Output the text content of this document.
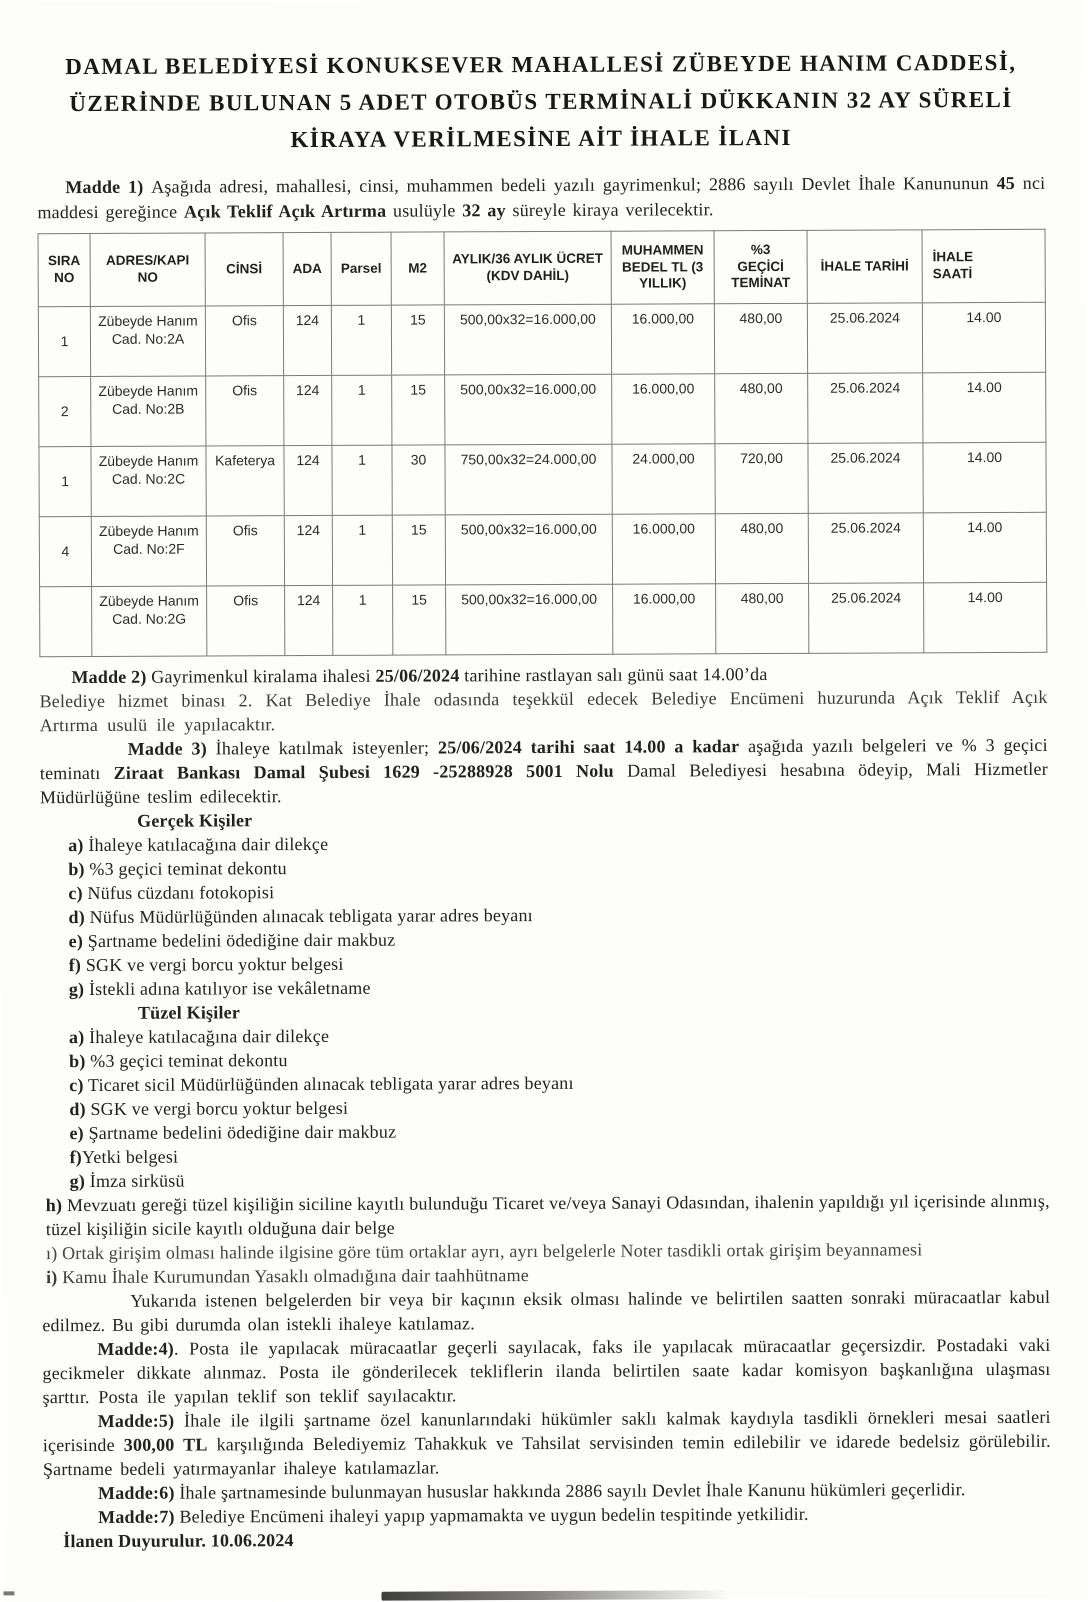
DAMAL BELEDİYESİ KONUKSEVER MAHALLESİ ZÜBEYDE HANIM CADDESİ,
ÜZERİNDE BULUNAN 5 ADET OTOBÜS TERMİNALİ DÜKKANIN 32 AY SÜRELİ
KİRAYA VERİLMESİNE AİT İHALE İLANI
Madde 1) Aşağıda adresi, mahallesi, cinsi, muhammen bedeli yazılı gayrimenkul; 2886 sayılı Devlet İhale Kanununun 45 nci maddesi gereğince Açık Teklif Açık Artırma usulüyle 32 ay süreyle kiraya verilecektir.
SIRA NO	ADRES/KAPI NO	CİNSİ	ADA	Parsel	M2	AYLIK/36 AYLIK ÜCRET (KDV DAHİL)	MUHAMMEN BEDEL TL (3 YILLIK)	%3 GEÇİCİ TEMİNAT	İHALE TARİHİ	İHALE SAATİ
1	Zübeyde Hanım Cad. No:2A	Ofis	124	1	15	500,00x32=16.000,00	16.000,00	480,00	25.06.2024	14.00
2	Zübeyde Hanım Cad. No:2B	Ofis	124	1	15	500,00x32=16.000,00	16.000,00	480,00	25.06.2024	14.00
1	Zübeyde Hanım Cad. No:2C	Kafeterya	124	1	30	750,00x32=24.000,00	24.000,00	720,00	25.06.2024	14.00
4	Zübeyde Hanım Cad. No:2F	Ofis	124	1	15	500,00x32=16.000,00	16.000,00	480,00	25.06.2024	14.00
	Zübeyde Hanım Cad. No:2G	Ofis	124	1	15	500,00x32=16.000,00	16.000,00	480,00	25.06.2024	14.00
Madde 2) Gayrimenkul kiralama ihalesi 25/06/2024 tarihine rastlayan salı günü saat 14.00’da
Belediye hizmet binası 2. Kat Belediye İhale odasında teşekkül edecek Belediye Encümeni huzurunda Açık Teklif Açık Artırma usulü ile yapılacaktır.
Madde 3) İhaleye katılmak isteyenler; 25/06/2024 tarihi saat 14.00 a kadar aşağıda yazılı belgeleri ve % 3 geçici teminatı Ziraat Bankası Damal Şubesi 1629 -25288928 5001 Nolu Damal Belediyesi hesabına ödeyip, Mali Hizmetler Müdürlüğüne teslim edilecektir.
Gerçek Kişiler
a) İhaleye katılacağına dair dilekçe
b) %3 geçici teminat dekontu
c) Nüfus cüzdanı fotokopisi
d) Nüfus Müdürlüğünden alınacak tebligata yarar adres beyanı
e) Şartname bedelini ödediğine dair makbuz
f) SGK ve vergi borcu yoktur belgesi
g) İstekli adına katılıyor ise vekâletname
Tüzel Kişiler
a) İhaleye katılacağına dair dilekçe
b) %3 geçici teminat dekontu
c) Ticaret sicil Müdürlüğünden alınacak tebligata yarar adres beyanı
d) SGK ve vergi borcu yoktur belgesi
e) Şartname bedelini ödediğine dair makbuz
f)Yetki belgesi
g) İmza sirküsü
h) Mevzuatı gereği tüzel kişiliğin siciline kayıtlı bulunduğu Ticaret ve/veya Sanayi Odasından, ihalenin yapıldığı yıl içerisinde alınmış, tüzel kişiliğin sicile kayıtlı olduğuna dair belge
ı) Ortak girişim olması halinde ilgisine göre tüm ortaklar ayrı, ayrı belgelerle Noter tasdikli ortak girişim beyannamesi
i) Kamu İhale Kurumundan Yasaklı olmadığına dair taahhütname
Yukarıda istenen belgelerden bir veya bir kaçının eksik olması halinde ve belirtilen saatten sonraki müracaatlar kabul edilmez. Bu gibi durumda olan istekli ihaleye katılamaz.
Madde:4). Posta ile yapılacak müracaatlar geçerli sayılacak, faks ile yapılacak müracaatlar geçersizdir. Postadaki vaki gecikmeler dikkate alınmaz. Posta ile gönderilecek tekliflerin ilanda belirtilen saate kadar komisyon başkanlığına ulaşması şarttır. Posta ile yapılan teklif son teklif sayılacaktır.
Madde:5) İhale ile ilgili şartname özel kanunlarındaki hükümler saklı kalmak kaydıyla tasdikli örnekleri mesai saatleri içerisinde 300,00 TL karşılığında Belediyemiz Tahakkuk ve Tahsilat servisinden temin edilebilir ve idarede bedelsiz görülebilir. Şartname bedeli yatırmayanlar ihaleye katılamazlar.
Madde:6) İhale şartnamesinde bulunmayan hususlar hakkında 2886 sayılı Devlet İhale Kanunu hükümleri geçerlidir.
Madde:7) Belediye Encümeni ihaleyi yapıp yapmamakta ve uygun bedelin tespitinde yetkilidir.
İlanen Duyurulur. 10.06.2024
